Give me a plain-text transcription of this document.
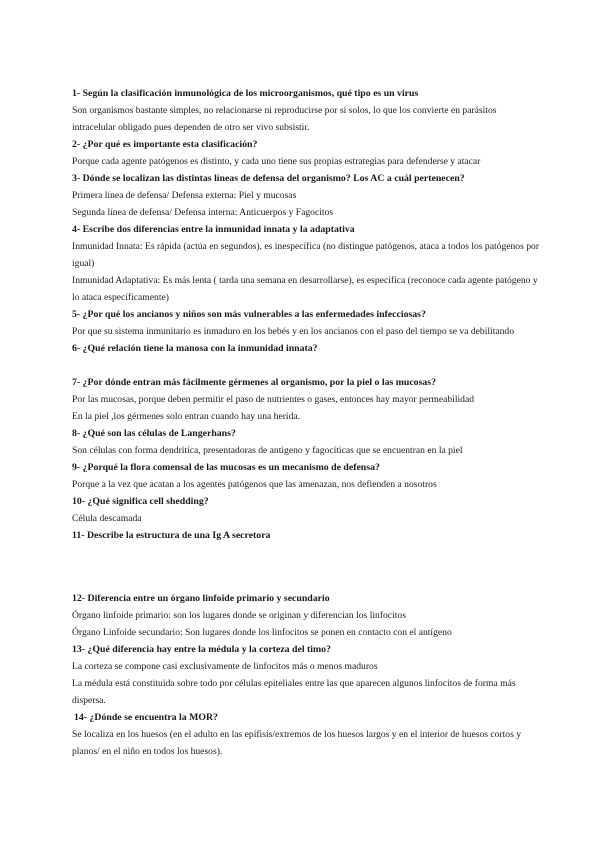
1- Según la clasificación inmunológica de los microorganismos, qué tipo es un virus
Son organismos bastante simples, no relacionarse ni reproducirse por sí solos, lo que los convierte en parásitos intracelular obligado pues dependen de otro ser vivo subsistir.
2- ¿Por qué es importante esta clasificación?
Porque cada agente patógenos es distinto, y cada uno tiene sus propias estrategias para defenderse y atacar
3- Dónde se localizan las distintas líneas de defensa del organismo? Los AC a cuál pertenecen?
Primera línea de defensa/ Defensa externa: Piel y mucosas
Segunda línea de defensa/ Defensa interna: Anticuerpos y Fagocitos
4- Escribe dos diferencias entre la inmunidad innata y la adaptativa
Inmunidad Innata: Es rápida (actúa en segundos), es inespecífica (no distingue patógenos, ataca a todos los patógenos por igual)
Inmunidad Adaptativa: Es más lenta ( tarda una semana en desarrollarse), es específica (reconoce cada agente patógeno y lo ataca específicamente)
5- ¿Por qué los ancianos y niños son más vulnerables a las enfermedades infecciosas?
Por que su sistema inmunitario es inmaduro en los bebés y en los ancianos con el paso del tiempo se va debilitando
6- ¿Qué relación tiene la manosa con la inmunidad innata?
7- ¿Por dónde entran más fácilmente gérmenes al organismo, por la piel o las mucosas?
Por las mucosas, porque deben permitir el paso de nutrientes o gases, entonces hay mayor permeabilidad
En la piel ,los gérmenes solo entran cuando hay una herida.
8- ¿Qué son las células de Langerhans?
Son células con forma dendrítica, presentadoras de antigeno y fagocíticas que se encuentran en la piel
9- ¿Porqué la flora comensal de las mucosas es un mecanismo de defensa?
Porque a la vez que acatan a los agentes patógenos que las amenazan, nos defienden a nosotros
10- ¿Qué significa cell shedding?
Célula descamada
11- Describe la estructura de una Ig A secretora
12- Diferencia entre un órgano linfoide primario y secundario
Órgano linfoide primario: son los lugares donde se originan y diferencian los linfocitos
Órgano Linfoide secundario: Son lugares donde los linfocitos se ponen en contacto con el antígeno
13- ¿Qué diferencia hay entre la médula y la corteza del timo?
La corteza se compone casi exclusivamente de linfocitos más o menos maduros
La médula está constituida sobre todo por células epiteliales entre las que aparecen algunos linfocitos de forma más dispersa.
14- ¿Dónde se encuentra la MOR?
Se localiza en los huesos (en el adulto en las epífisis/extremos de los huesos largos y en el interior de huesos cortos y planos/ en el niño en todos los huesos).
